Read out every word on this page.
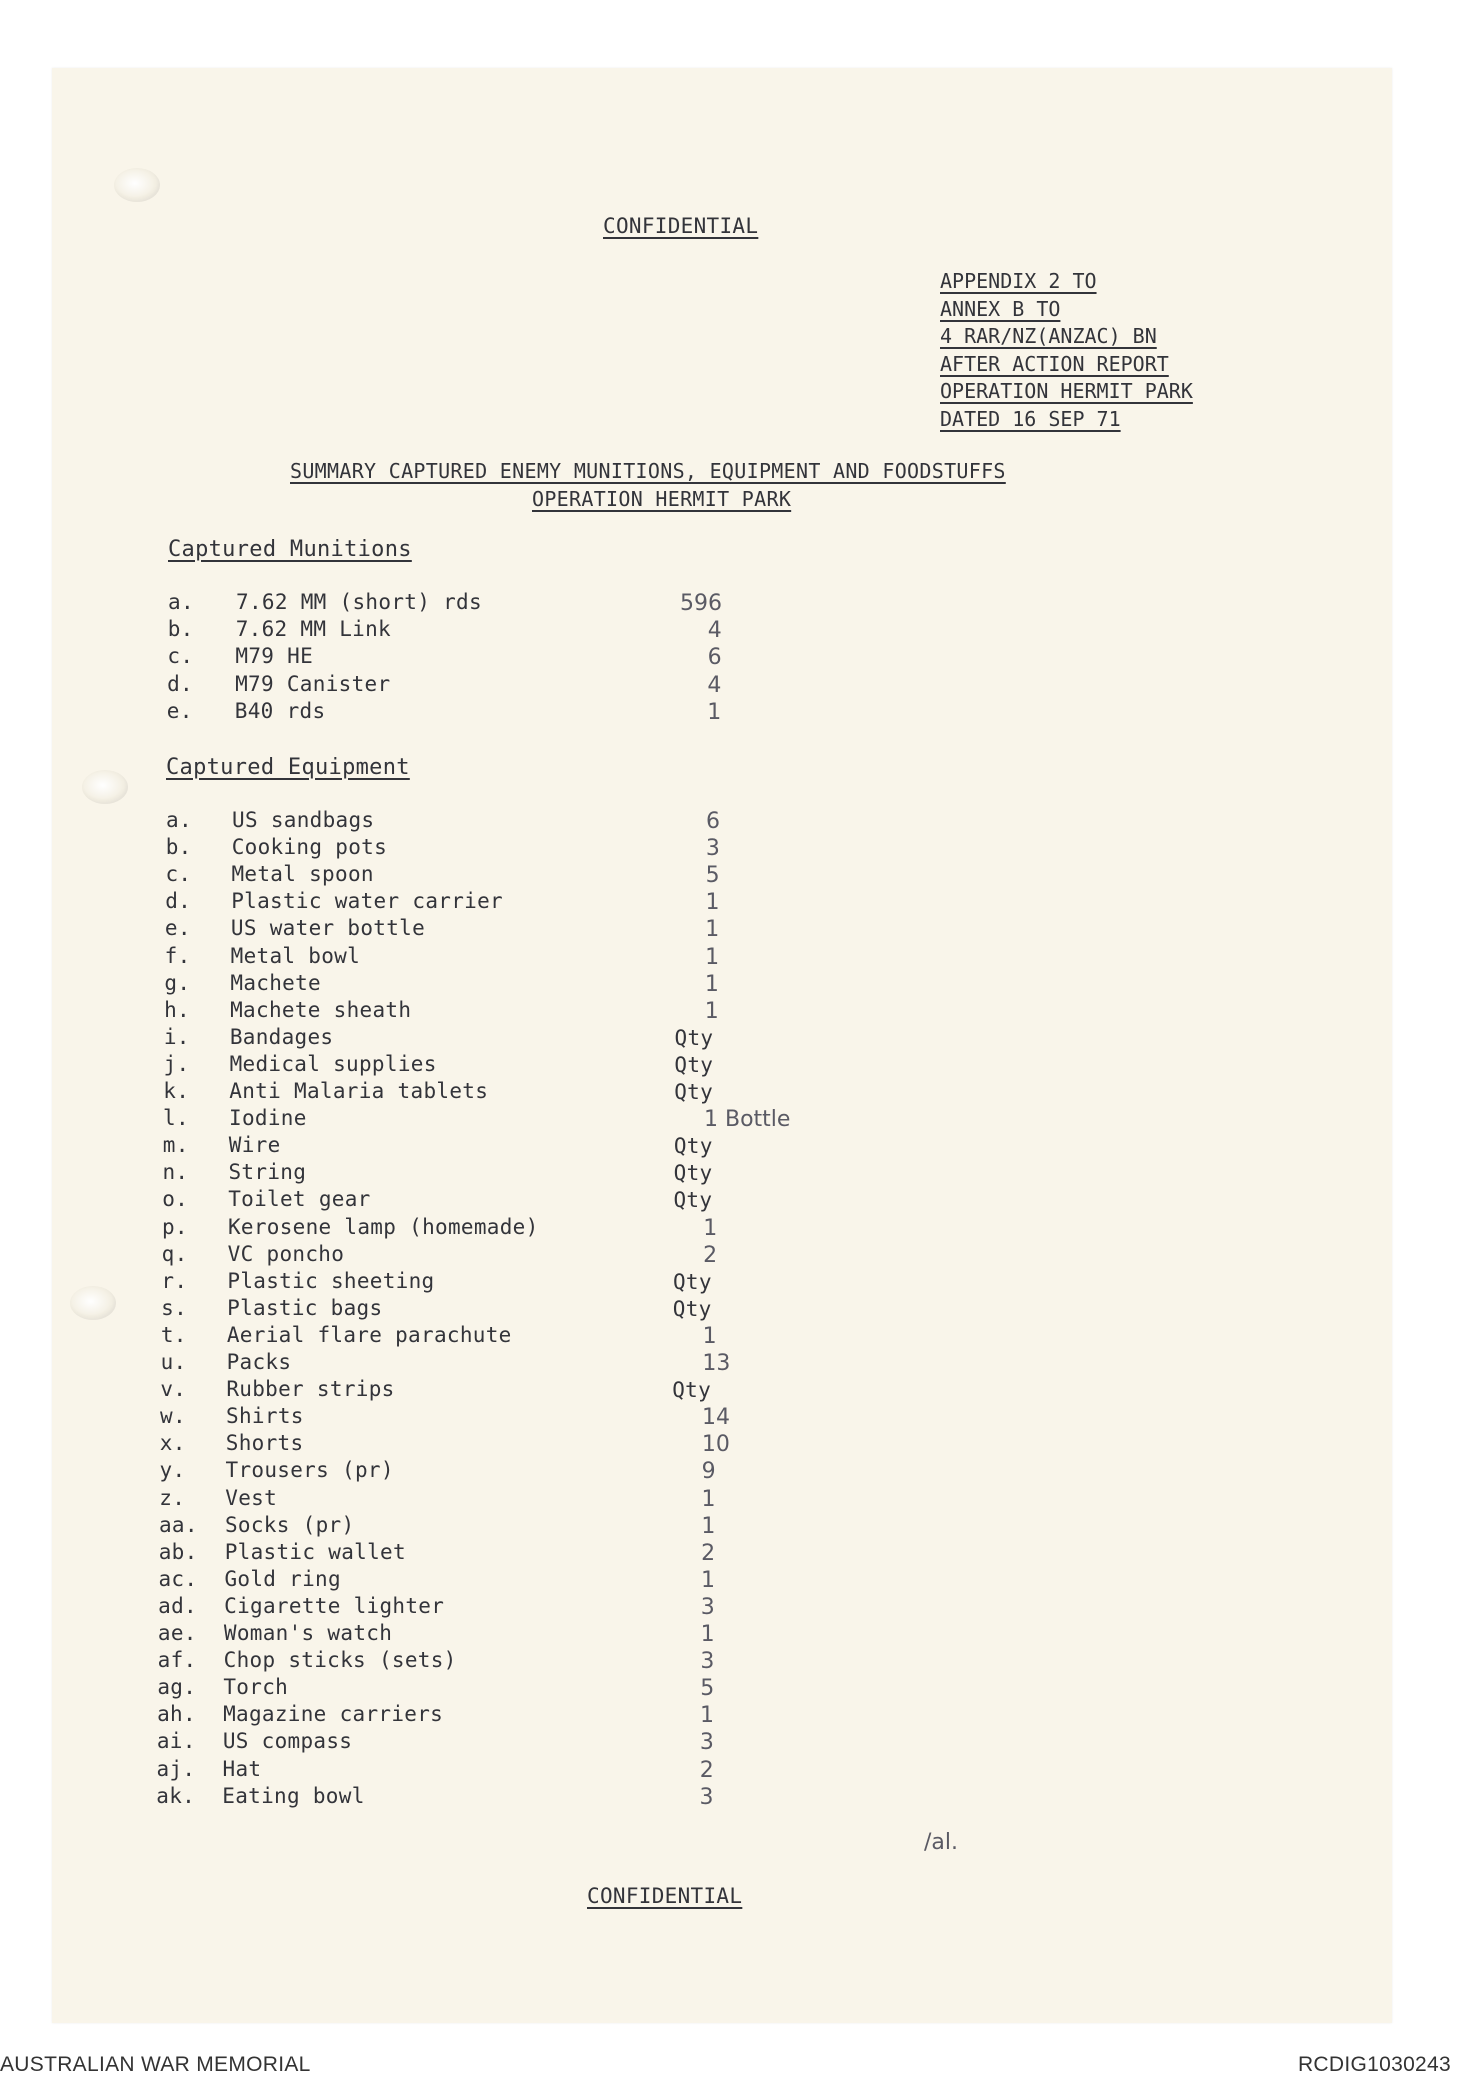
CONFIDENTIAL
APPENDIX 2 TO
ANNEX B TO
4 RAR/NZ(ANZAC) BN
AFTER ACTION REPORT
OPERATION HERMIT PARK
DATED 16 SEP 71
SUMMARY CAPTURED ENEMY MUNITIONS, EQUIPMENT AND FOODSTUFFS
OPERATION HERMIT PARK
Captured Munitions
a. 7.62 MM (short) rds	596
b. 7.62 MM Link	4
c. M79 HE	6
d. M79 Canister	4
e. B40 rds	1
Captured Equipment
a. US sandbags	6
b. Cooking pots	3
c. Metal spoon	5
d. Plastic water carrier	1
e. US water bottle	1
f. Metal bowl	1
g. Machete	1
h. Machete sheath	1
i. Bandages	Qty
j. Medical supplies	Qty
k. Anti Malaria tablets	Qty
l. Iodine	1 Bottle
m. Wire	Qty
n. String	Qty
o. Toilet gear	Qty
p. Kerosene lamp (homemade)	1
q. VC poncho	2
r. Plastic sheeting	Qty
s. Plastic bags	Qty
t. Aerial flare parachute	1
u. Packs	13
v. Rubber strips	Qty
w. Shirts	14
x. Shorts	10
y. Trousers (pr)	9
z. Vest	1
aa. Socks (pr)	1
ab. Plastic wallet	2
ac. Gold ring	1
ad. Cigarette lighter	3
ae. Woman's watch	1
af. Chop sticks (sets)	3
ag. Torch	5
ah. Magazine carriers	1
ai. US compass	3
aj. Hat	2
ak. Eating bowl	3
/al.
CONFIDENTIAL
AUSTRALIAN WAR MEMORIAL	RCDIG1030243
